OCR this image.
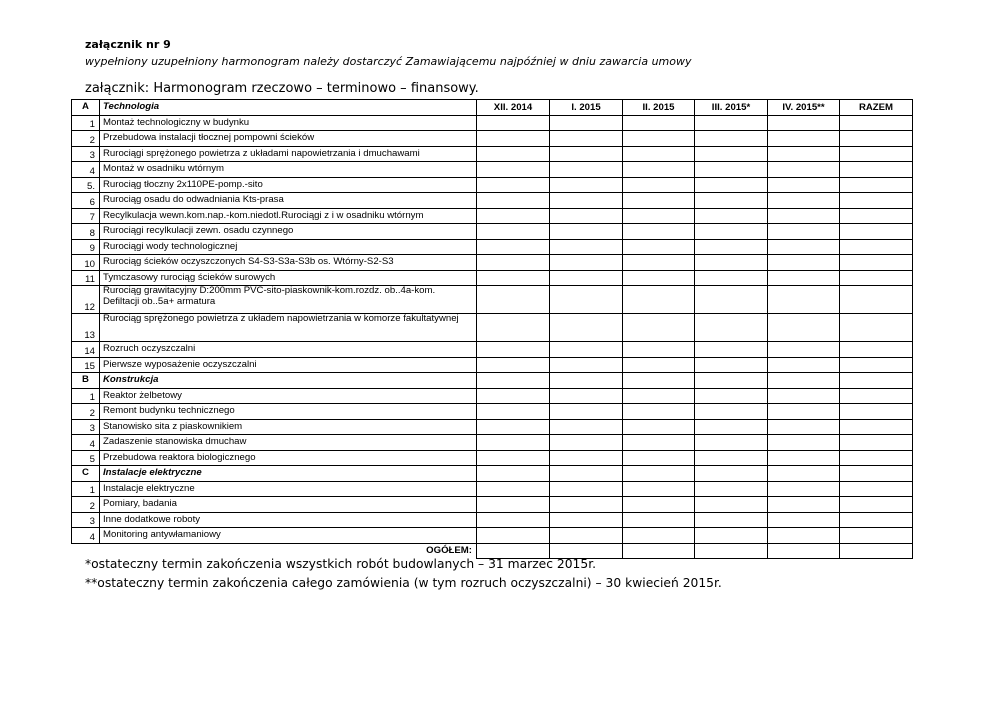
załącznik nr 9
wypełniony uzupełniony harmonogram należy dostarczyć Zamawiającemu najpóźniej w dniu zawarcia umowy
załącznik: Harmonogram rzeczowo – terminowo – finansowy.
A	Technologia	XII. 2014	I. 2015	II. 2015	III. 2015*	IV. 2015**	RAZEM
1	Montaż technologiczny w budynku						
2	Przebudowa instalacji tłocznej pompowni ścieków						
3	Rurociągi sprężonego powietrza z układami napowietrzania i dmuchawami						
4	Montaż w osadniku wtórnym						
5.	Rurociąg tłoczny 2x110PE-pomp.-sito						
6	Rurociąg osadu do odwadniania Kts-prasa						
7	Recylkulacja wewn.kom.nap.-kom.niedotl.Rurociągi z i w osadniku wtórnym						
8	Rurociągi recylkulacji zewn. osadu czynnego						
9	Rurociągi wody technologicznej						
10	Rurociąg ścieków oczyszczonych S4-S3-S3a-S3b os. Wtórny-S2-S3						
11	Tymczasowy rurociąg ścieków surowych						
12	Rurociąg grawitacyjny D:200mm PVC-sito-piaskownik-kom.rozdz. ob..4a-kom. Defiltacji ob..5a+ armatura						
13	Rurociąg sprężonego powietrza z układem napowietrzania w komorze fakultatywnej						
14	Rozruch oczyszczalni						
15	Pierwsze wyposażenie oczyszczalni						
B	Konstrukcja						
1	Reaktor żelbetowy						
2	Remont budynku technicznego						
3	Stanowisko sita z piaskownikiem						
4	Zadaszenie stanowiska dmuchaw						
5	Przebudowa reaktora biologicznego						
C	Instalacje elektryczne						
1	Instalacje elektryczne						
2	Pomiary, badania						
3	Inne dodatkowe roboty						
4	Monitoring antywłamaniowy						
	OGÓŁEM:						
*ostateczny termin zakończenia wszystkich robót budowlanych – 31 marzec 2015r.
**ostateczny termin zakończenia całego zamówienia (w tym rozruch oczyszczalni) – 30 kwiecień 2015r.
